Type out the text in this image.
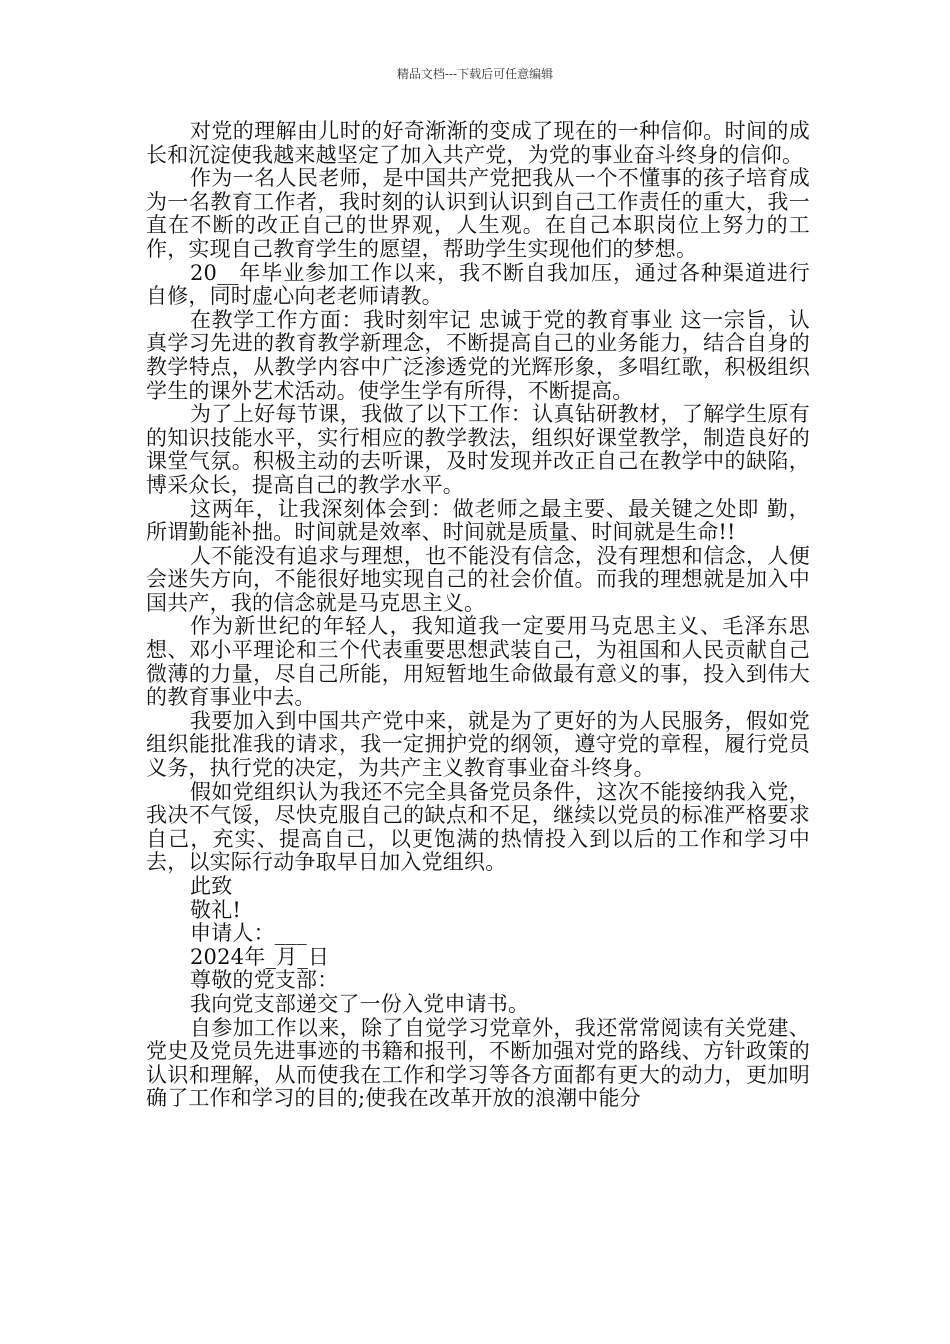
精品文档---下载后可任意编辑

对党的理解由儿时的好奇渐渐的变成了现在的一种信仰。时间的成长和沉淀使我越来越坚定了加入共产党，为党的事业奋斗终身的信仰。

作为一名人民老师，是中国共产党把我从一个不懂事的孩子培育成为一名教育工作者，我时刻的认识到认识到自己工作责任的重大，我一直在不断的改正自己的世界观，人生观。在自己本职岗位上努力的工作，实现自己教育学生的愿望，帮助学生实现他们的梦想。

20__年毕业参加工作以来，我不断自我加压，通过各种渠道进行自修，同时虚心向老老师请教。

在教学工作方面：我时刻牢记 忠诚于党的教育事业 这一宗旨，认真学习先进的教育教学新理念，不断提高自己的业务能力，结合自身的教学特点，从教学内容中广泛渗透党的光辉形象，多唱红歌，积极组织学生的课外艺术活动。使学生学有所得，不断提高。

为了上好每节课，我做了以下工作：认真钻研教材，了解学生原有的知识技能水平，实行相应的教学教法，组织好课堂教学，制造良好的课堂气氛。积极主动的去听课，及时发现并改正自己在教学中的缺陷，博采众长，提高自己的教学水平。

这两年，让我深刻体会到：做老师之最主要、最关键之处即 勤，所谓勤能补拙。时间就是效率、时间就是质量、时间就是生命!!

人不能没有追求与理想，也不能没有信念，没有理想和信念，人便会迷失方向，不能很好地实现自己的社会价值。而我的理想就是加入中国共产，我的信念就是马克思主义。

作为新世纪的年轻人，我知道我一定要用马克思主义、毛泽东思想、邓小平理论和三个代表重要思想武装自己，为祖国和人民贡献自己微薄的力量，尽自己所能，用短暂地生命做最有意义的事，投入到伟大的教育事业中去。

我要加入到中国共产党中来，就是为了更好的为人民服务，假如党组织能批准我的请求，我一定拥护党的纲领，遵守党的章程，履行党员义务，执行党的决定，为共产主义教育事业奋斗终身。

假如党组织认为我还不完全具备党员条件，这次不能接纳我入党，我决不气馁，尽快克服自己的缺点和不足，继续以党员的标准严格要求自己，充实、提高自己，以更饱满的热情投入到以后的工作和学习中去，以实际行动争取早日加入党组织。

此致

敬礼!

申请人：___

2024年_月_日

尊敬的党支部：

我向党支部递交了一份入党申请书。

自参加工作以来，除了自觉学习党章外，我还常常阅读有关党建、党史及党员先进事迹的书籍和报刊，不断加强对党的路线、方针政策的认识和理解，从而使我在工作和学习等各方面都有更大的动力，更加明确了工作和学习的目的;使我在改革开放的浪潮中能分
